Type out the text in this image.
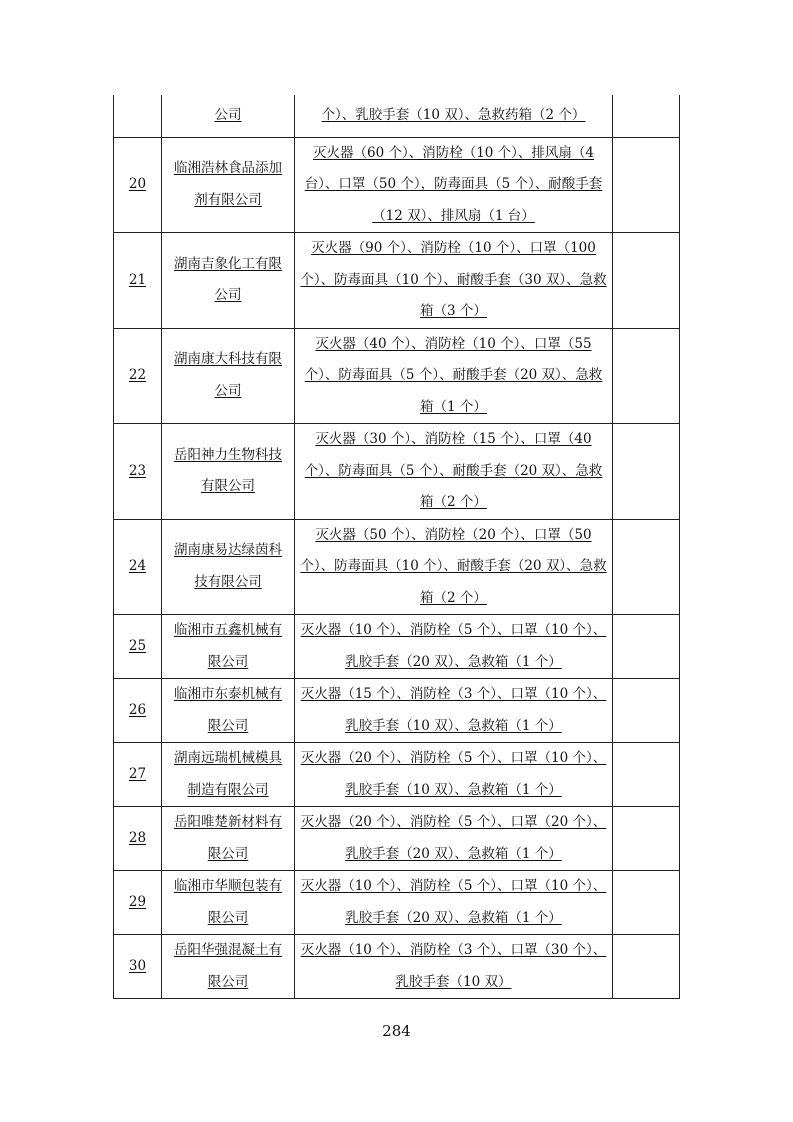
	公司	个）、乳胶手套（10 双）、急救药箱（2 个）	
20	临湘浩林食品添加剂有限公司	灭火器（60 个）、消防栓（10 个）、排风扇（4 台）、口罩（50 个），防毒面具（5 个）、耐酸手套（12 双）、排风扇（1 台）	
21	湖南吉象化工有限公司	灭火器（90 个）、消防栓（10 个）、口罩（100 个）、防毒面具（10 个）、耐酸手套（30 双）、急救箱（3 个）	
22	湖南康大科技有限公司	灭火器（40 个）、消防栓（10 个）、口罩（55 个）、防毒面具（5 个）、耐酸手套（20 双）、急救箱（1 个）	
23	岳阳神力生物科技有限公司	灭火器（30 个）、消防栓（15 个）、口罩（40 个）、防毒面具（5 个）、耐酸手套（20 双）、急救箱（2 个）	
24	湖南康易达绿茵科技有限公司	灭火器（50 个）、消防栓（20 个）、口罩（50 个）、防毒面具（10 个）、耐酸手套（20 双）、急救箱（2 个）	
25	临湘市五鑫机械有限公司	灭火器（10 个）、消防栓（5 个）、口罩（10 个）、乳胶手套（20 双）、急救箱（1 个）	
26	临湘市东泰机械有限公司	灭火器（15 个）、消防栓（3 个）、口罩（10 个）、乳胶手套（10 双）、急救箱（1 个）	
27	湖南远瑞机械模具制造有限公司	灭火器（20 个）、消防栓（5 个）、口罩（10 个）、乳胶手套（10 双）、急救箱（1 个）	
28	岳阳唯楚新材料有限公司	灭火器（20 个）、消防栓（5 个）、口罩（20 个）、乳胶手套（20 双）、急救箱（1 个）	
29	临湘市华顺包装有限公司	灭火器（10 个）、消防栓（5 个）、口罩（10 个）、乳胶手套（20 双）、急救箱（1 个）	
30	岳阳华强混凝土有限公司	灭火器（10 个）、消防栓（3 个）、口罩（30 个）、乳胶手套（10 双）	
284
